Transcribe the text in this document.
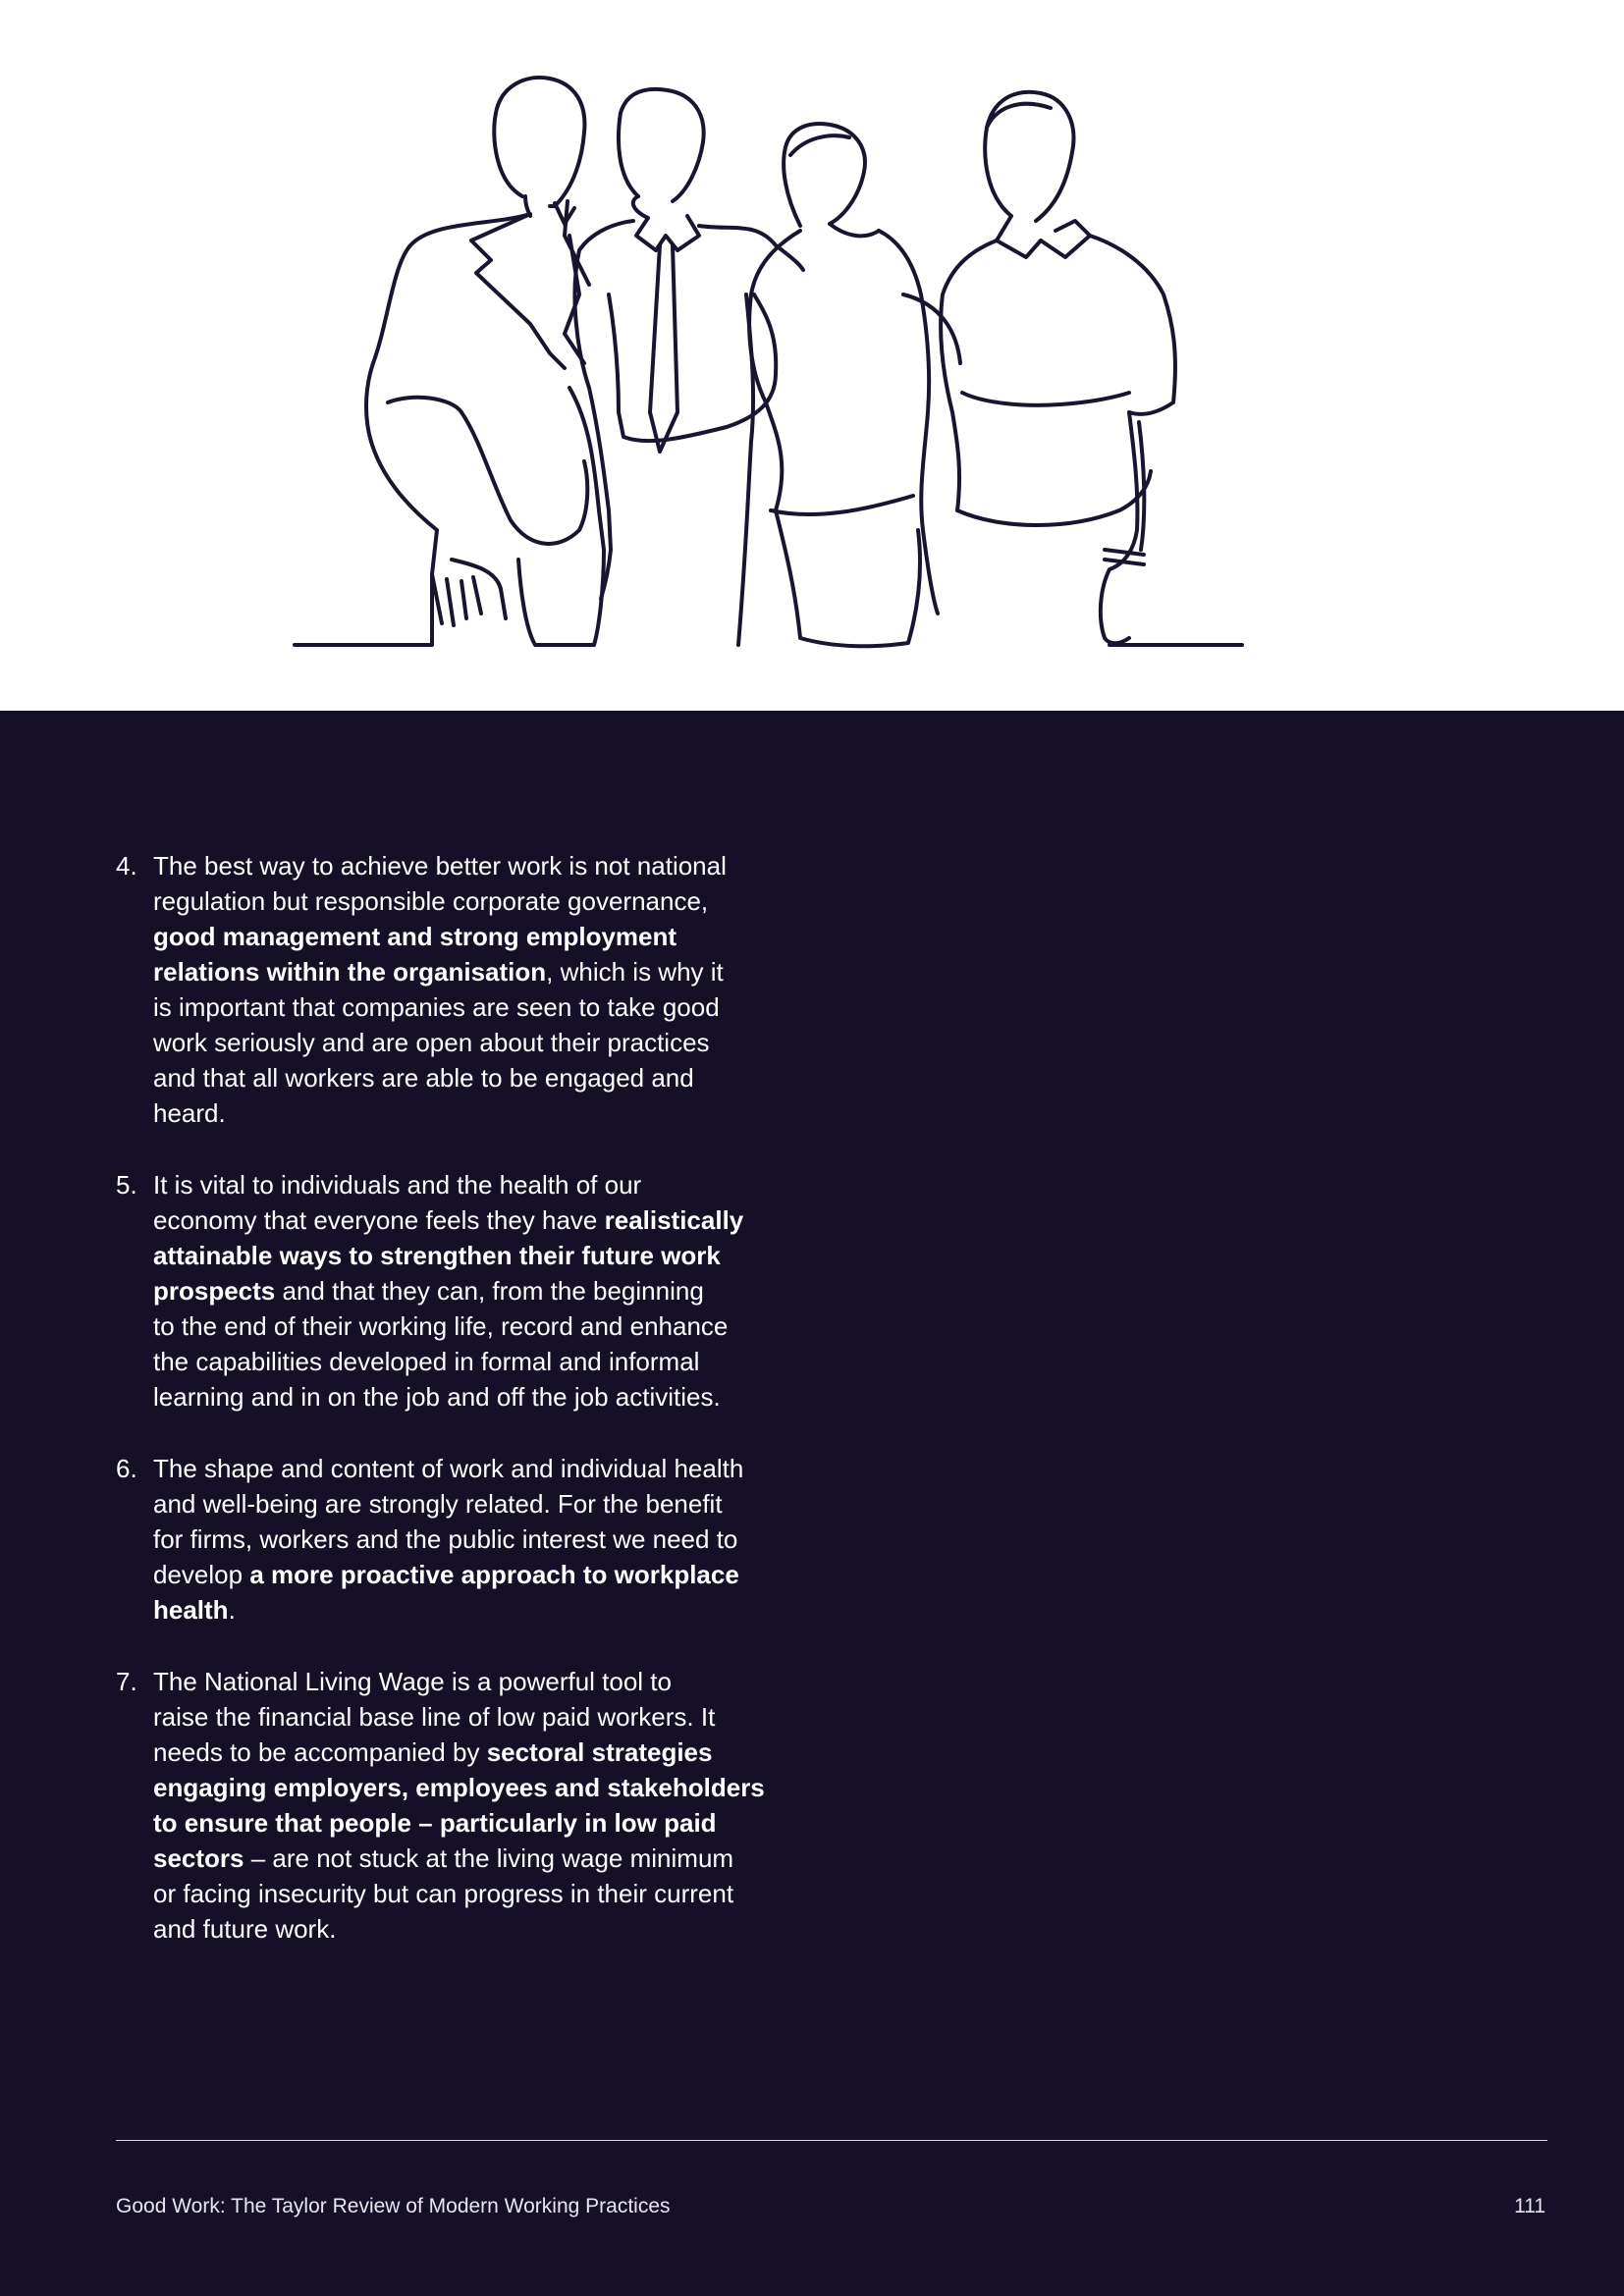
4. The best way to achieve better work is not national
regulation but responsible corporate governance,
good management and strong employment
relations within the organisation, which is why it
is important that companies are seen to take good
work seriously and are open about their practices
and that all workers are able to be engaged and
heard.
5. It is vital to individuals and the health of our
economy that everyone feels they have realistically
attainable ways to strengthen their future work
prospects and that they can, from the beginning
to the end of their working life, record and enhance
the capabilities developed in formal and informal
learning and in on the job and off the job activities.
6. The shape and content of work and individual health
and well-being are strongly related. For the benefit
for firms, workers and the public interest we need to
develop a more proactive approach to workplace
health.
7. The National Living Wage is a powerful tool to
raise the financial base line of low paid workers. It
needs to be accompanied by sectoral strategies
engaging employers, employees and stakeholders
to ensure that people – particularly in low paid
sectors – are not stuck at the living wage minimum
or facing insecurity but can progress in their current
and future work.
Good Work: The Taylor Review of Modern Working Practices	111
